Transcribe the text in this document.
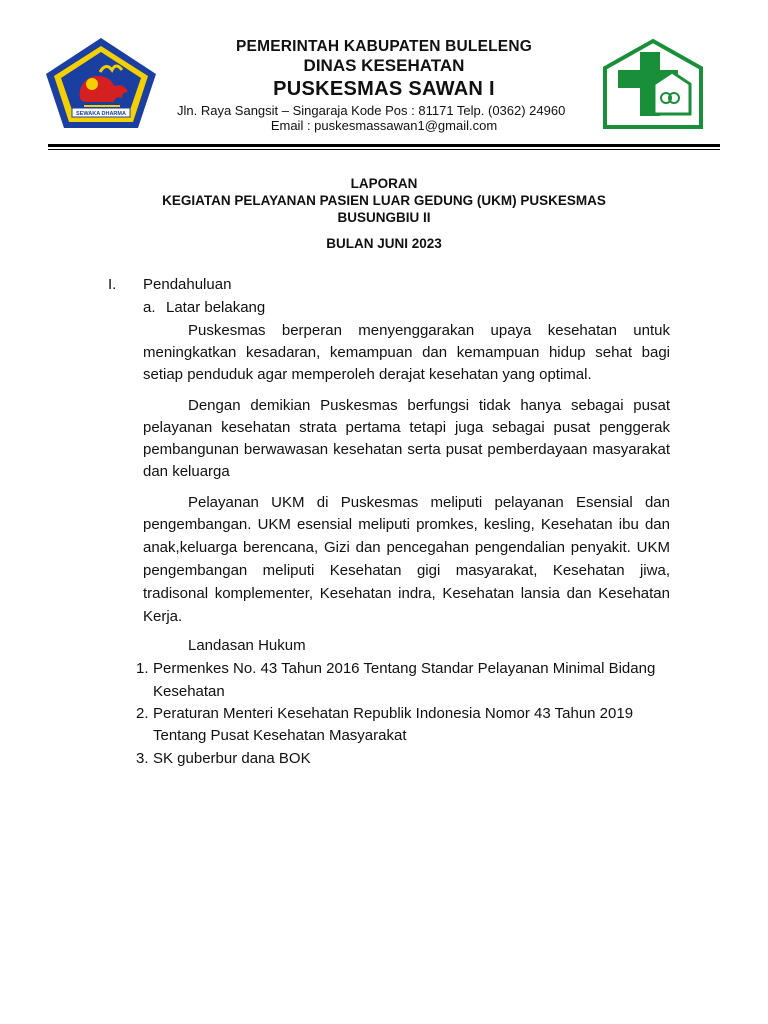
SEWAKA DHARMA
PEMERINTAH KABUPATEN BULELENG
DINAS KESEHATAN
PUSKESMAS SAWAN I
Jln. Raya Sangsit – Singaraja Kode Pos : 81171 Telp. (0362) 24960
Email : puskesmassawan1@gmail.com
LAPORAN
KEGIATAN PELAYANAN PASIEN LUAR GEDUNG (UKM) PUSKESMAS
BUSUNGBIU II
BULAN JUNI 2023
I. Pendahuluan
a. Latar belakang
Puskesmas berperan menyenggarakan upaya kesehatan untuk
meningkatkan kesadaran, kemampuan dan kemampuan hidup sehat bagi
setiap penduduk agar memperoleh derajat kesehatan yang optimal.
Dengan demikian Puskesmas berfungsi tidak hanya sebagai pusat
pelayanan kesehatan strata pertama tetapi juga sebagai pusat penggerak
pembangunan berwawasan kesehatan serta pusat pemberdayaan masyarakat
dan keluarga
Pelayanan UKM di Puskesmas meliputi pelayanan Esensial dan
pengembangan. UKM esensial meliputi promkes, kesling, Kesehatan ibu dan
anak,keluarga berencana, Gizi dan pencegahan pengendalian penyakit. UKM
pengembangan meliputi Kesehatan gigi masyarakat, Kesehatan jiwa,
tradisonal komplementer, Kesehatan indra, Kesehatan lansia dan Kesehatan
Kerja.
Landasan Hukum
1. Permenkes No. 43 Tahun 2016 Tentang Standar Pelayanan Minimal Bidang
Kesehatan
2. Peraturan Menteri Kesehatan Republik Indonesia Nomor 43 Tahun 2019
Tentang Pusat Kesehatan Masyarakat
3. SK guberbur dana BOK
